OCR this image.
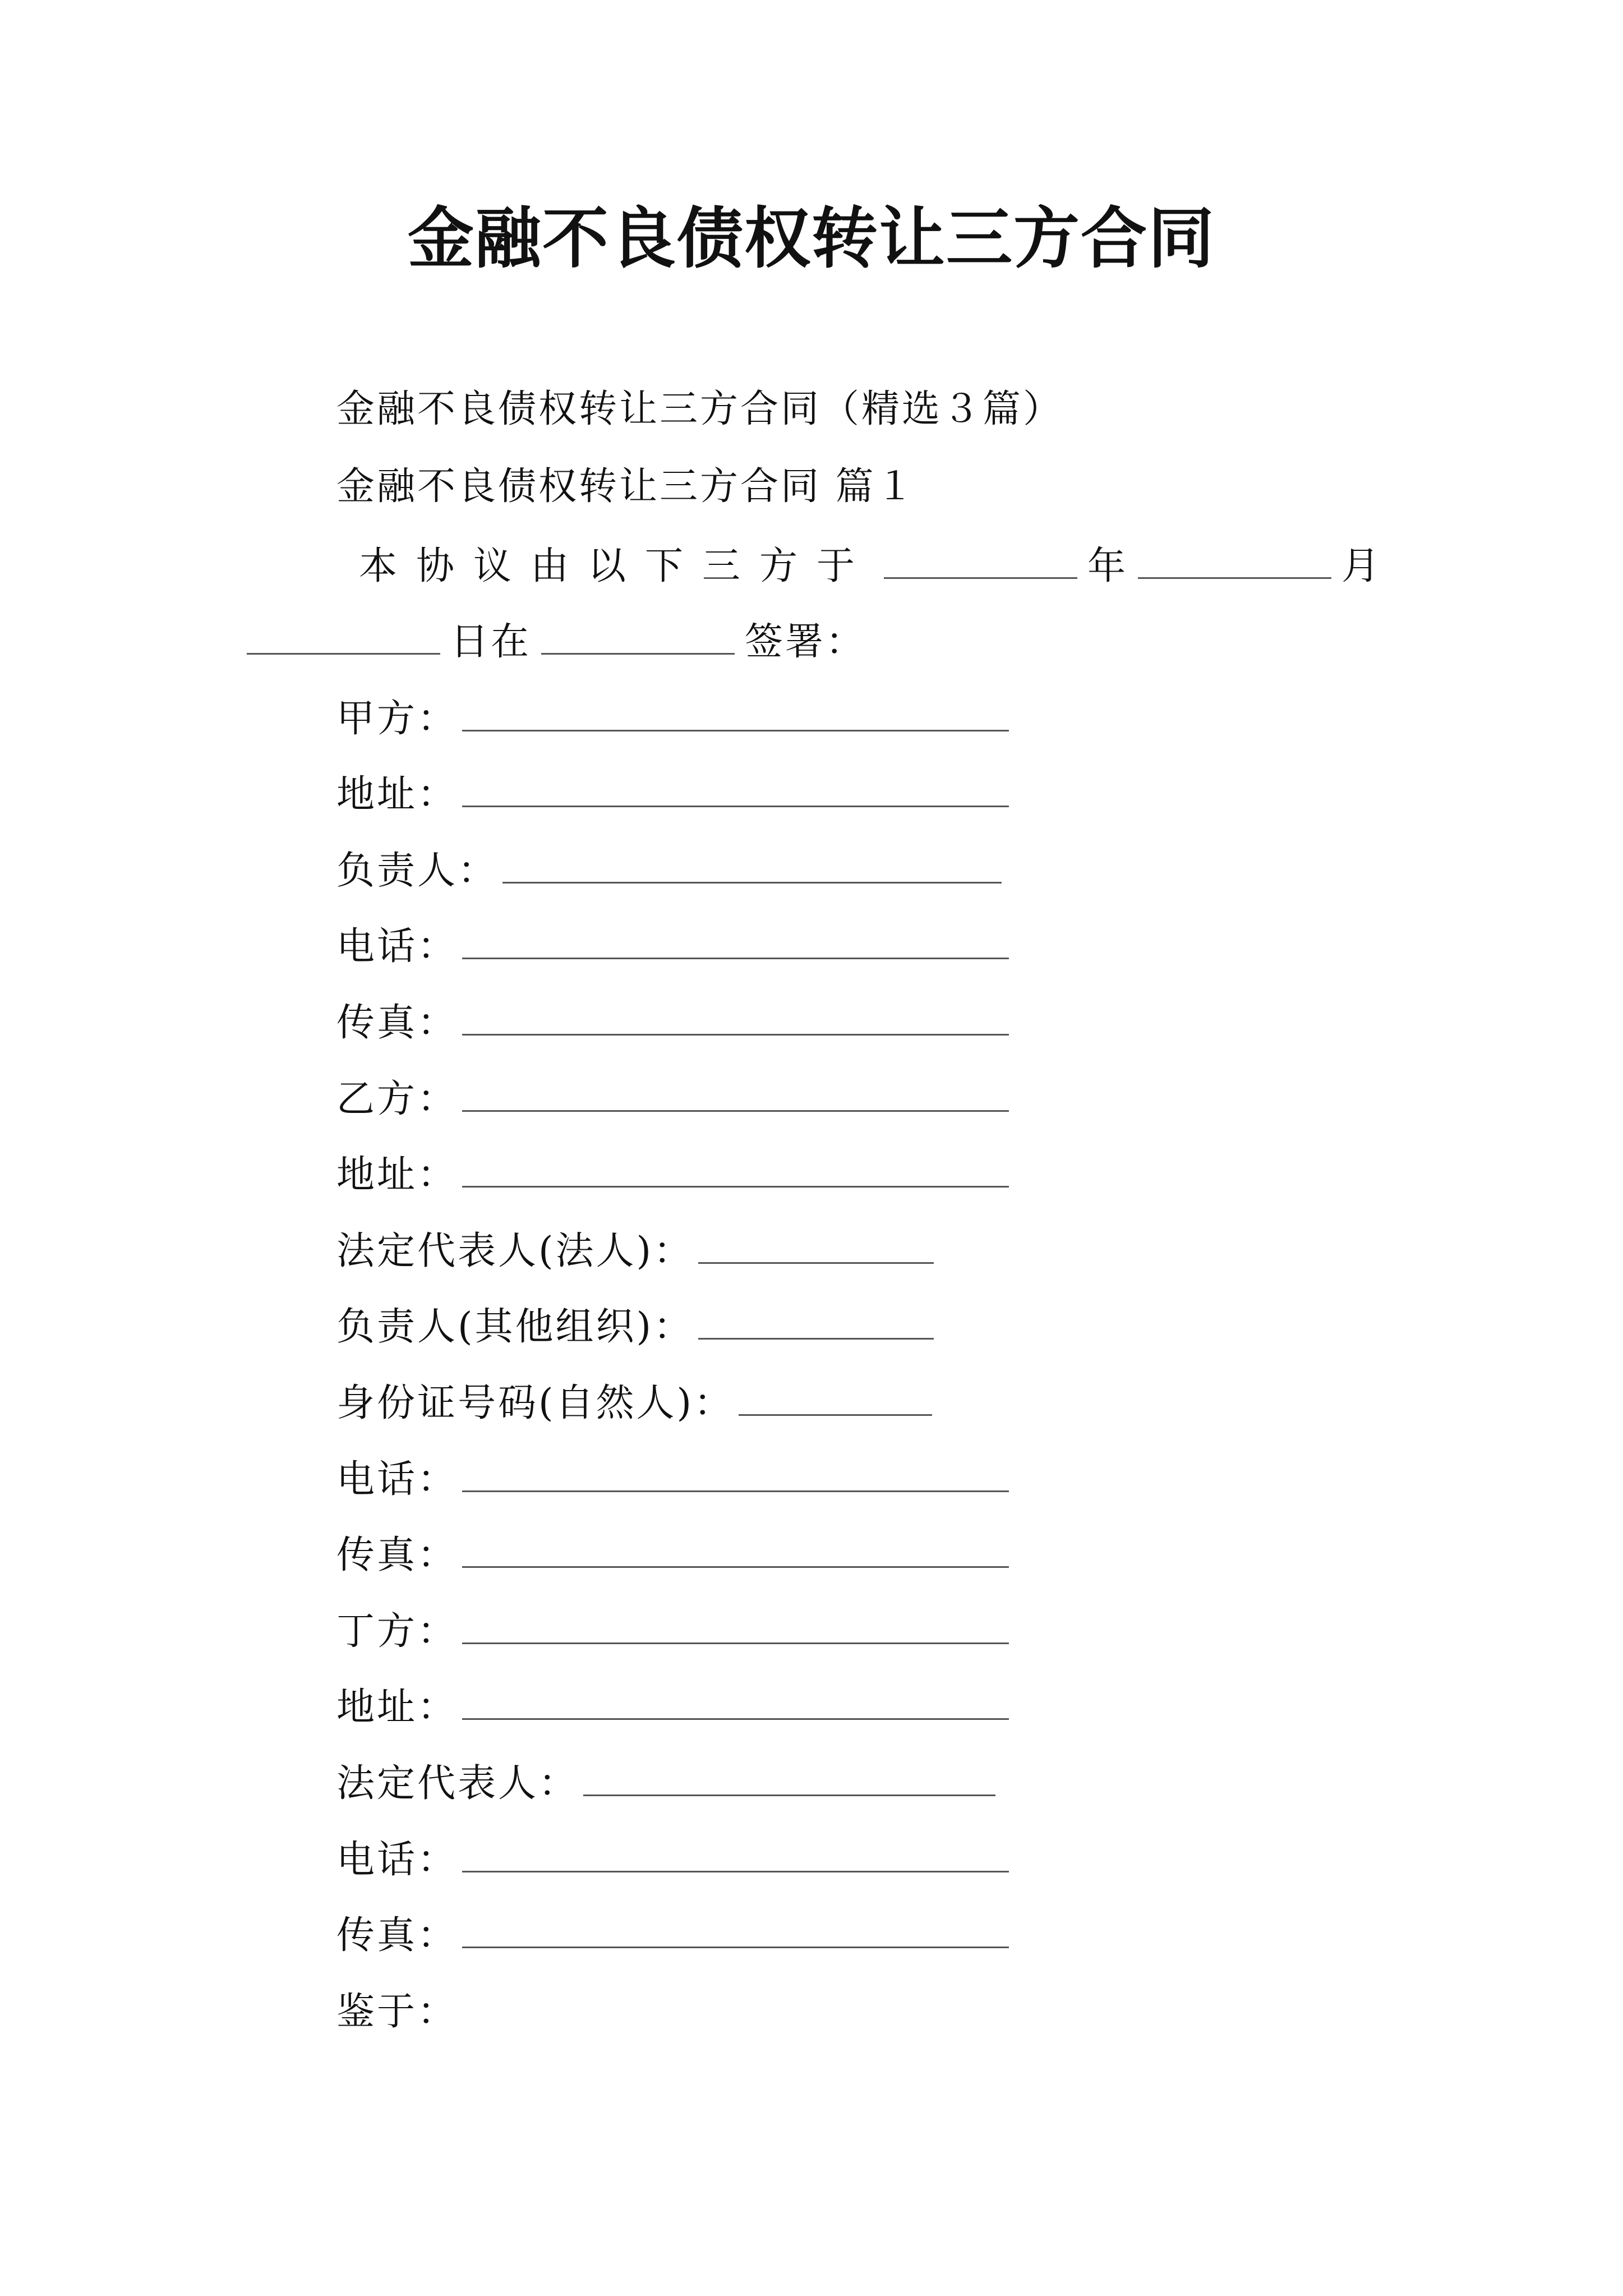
金融不良债权转让三方合同
金融不良债权转让三方合同（精选３篇）
金融不良债权转让三方合同 篇１
本协议由以下三方于	年	月
日在	签署：
甲方：
地址：
负责人：
电话：
传真：
乙方：
地址：
法定代表人(法人)：
负责人(其他组织)：
身份证号码(自然人)：
电话：
传真：
丁方：
地址：
法定代表人：
电话：
传真：
鉴于：
